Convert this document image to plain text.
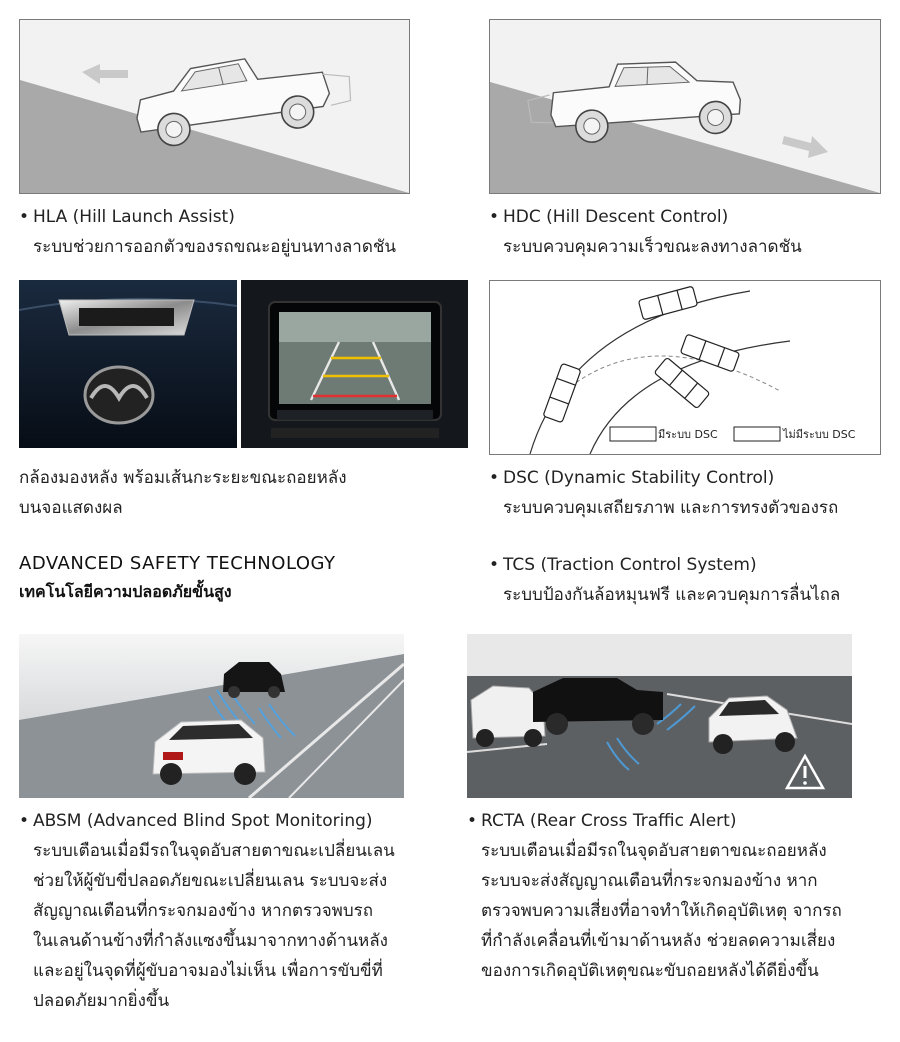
• HLA (Hill Launch Assist)
ระบบช่วยการออกตัวของรถขณะอยู่บนทางลาดชัน
• HDC (Hill Descent Control)
ระบบควบคุมความเร็วขณะลงทางลาดชัน
มีระบบ DSC	ไม่มีระบบ DSC
กล้องมองหลัง พร้อมเส้นกะระยะขณะถอยหลัง
บนจอแสดงผล
• DSC (Dynamic Stability Control)
ระบบควบคุมเสถียรภาพ และการทรงตัวของรถ
ADVANCED SAFETY TECHNOLOGY
เทคโนโลยีความปลอดภัยขั้นสูง
• TCS (Traction Control System)
ระบบป้องกันล้อหมุนฟรี และควบคุมการลื่นไถล
• ABSM (Advanced Blind Spot Monitoring)
ระบบเตือนเมื่อมีรถในจุดอับสายตาขณะเปลี่ยนเลน
ช่วยให้ผู้ขับขี่ปลอดภัยขณะเปลี่ยนเลน ระบบจะส่ง
สัญญาณเตือนที่กระจกมองข้าง หากตรวจพบรถ
ในเลนด้านข้างที่กำลังแซงขึ้นมาจากทางด้านหลัง
และอยู่ในจุดที่ผู้ขับอาจมองไม่เห็น เพื่อการขับขี่ที่
ปลอดภัยมากยิ่งขึ้น
• RCTA (Rear Cross Traffic Alert)
ระบบเตือนเมื่อมีรถในจุดอับสายตาขณะถอยหลัง
ระบบจะส่งสัญญาณเตือนที่กระจกมองข้าง หาก
ตรวจพบความเสี่ยงที่อาจทำให้เกิดอุบัติเหตุ จากรถ
ที่กำลังเคลื่อนที่เข้ามาด้านหลัง ช่วยลดความเสี่ยง
ของการเกิดอุบัติเหตุขณะขับถอยหลังได้ดียิ่งขึ้น
